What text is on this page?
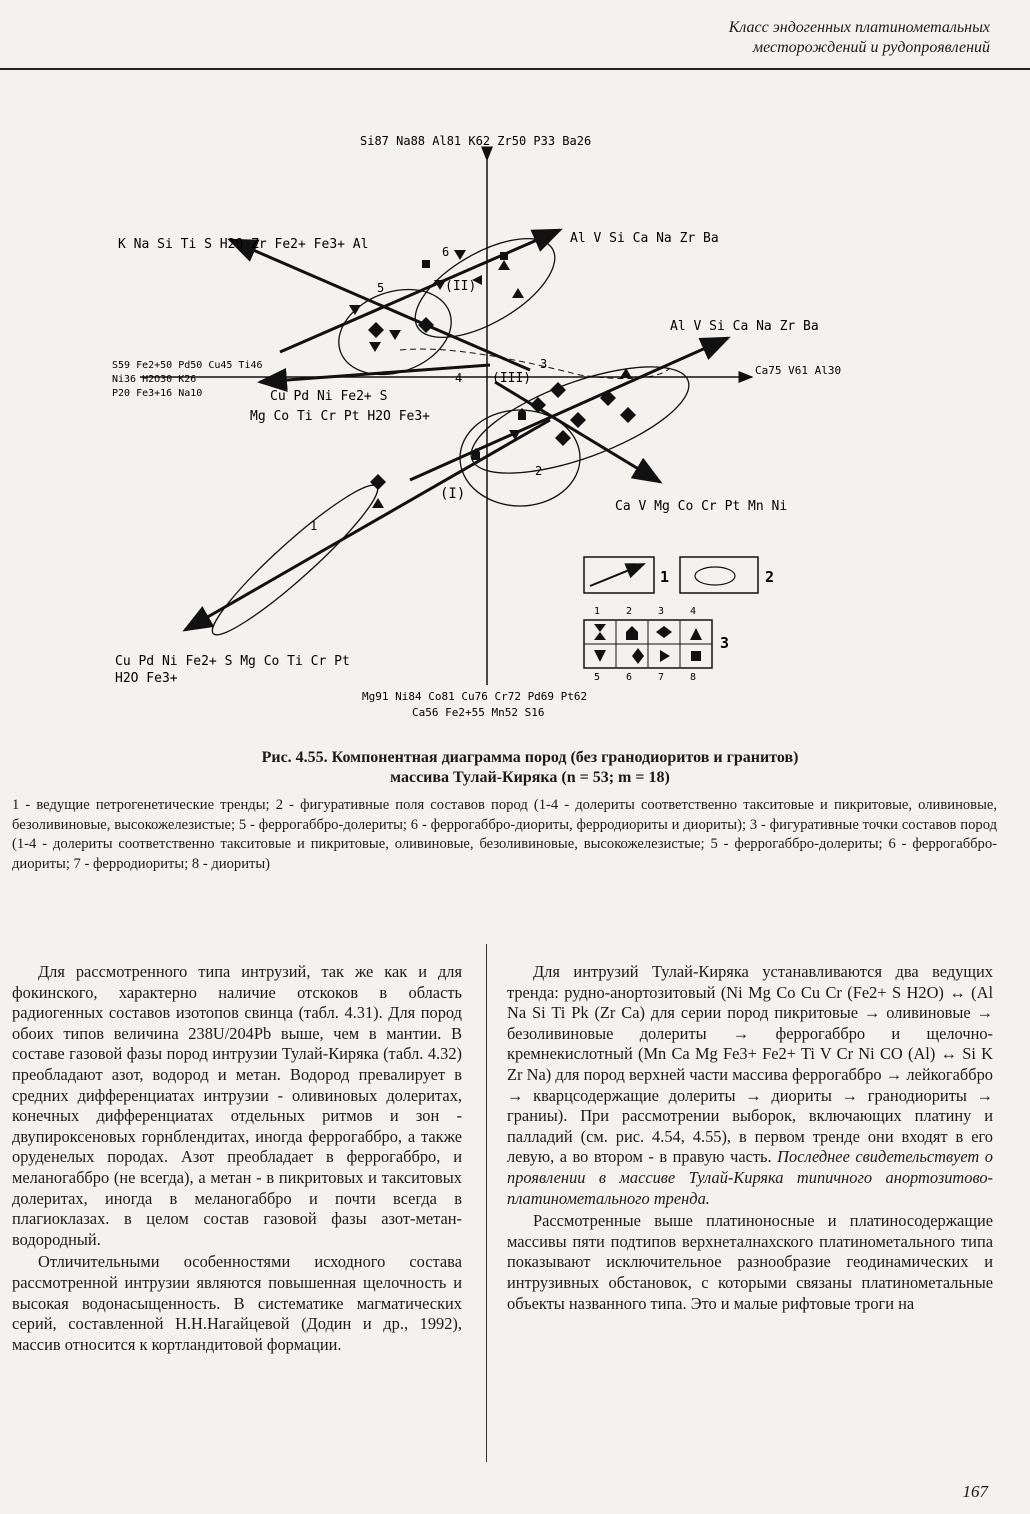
Класс эндогенных платинометальных
месторождений и рудопроявлений
(I)
(II)
(III)
1
2
3
4
5
6
Si87 Na88 Al81 K62 Zr50 P33 Ba26
Ca75 V61 Al30
Mg91 Ni84 Co81 Cu76 Cr72 Pd69 Pt62
Ca56 Fe2+55 Mn52 S16
S59 Fe2+50 Pd50 Cu45 Ti46
Ni36 H2O30 K26
P20 Fe3+16 Na10
K Na Si Ti S H2O Zr Fe2+ Fe3+ Al	Al V Si Ca Na Zr Ba
Al V Si Ca Na Zr Ba
Cu Pd Ni Fe2+ S
Mg Co Ti Cr Pt H2O Fe3+
Ca V Mg Co Cr Pt Mn Ni
Cu Pd Ni Fe2+ S Mg Co Ti Cr Pt
H2O Fe3+
1	2
3
1	2	3	4
5	6	7	8
Рис. 4.55. Компонентная диаграмма пород (без гранодиоритов и гранитов)
массива Тулай-Киряка (n = 53; m = 18)
1 - ведущие петрогенетические тренды; 2 - фигуративные поля составов пород (1-4 - долериты соответственно такситовые и пикритовые, оливиновые, безоливиновые, высокожелезистые; 5 - феррогаббро-долериты; 6 - феррогаббро-диориты, ферродиориты и диориты); 3 - фигуративные точки составов пород (1-4 - долериты соответственно такситовые и пикритовые, оливиновые, безоливиновые, высокожелезистые; 5 - феррогаббро-долериты; 6 - феррогаббро-диориты; 7 - ферродиориты; 8 - диориты)

Для рассмотренного типа интрузий, так же как и для фокинского, характерно наличие отскоков в область радиогенных составов изотопов свинца (табл. 4.31). Для пород обоих типов величина 238U/204Pb выше, чем в мантии. В составе газовой фазы пород интрузии Тулай-Киряка (табл. 4.32) преобладают азот, водород и метан. Водород превалирует в средних дифференциатах интрузии - оливиновых долеритах, конечных дифференциатах отдельных ритмов и зон - двупироксеновых горнблендитах, иногда феррогаббро, а также оруденелых породах. Азот преобладает в феррогаббро, и меланогаббро (не всегда), а метан - в пикритовых и такситовых долеритах, иногда в меланогаббро и почти всегда в плагиоклазах. в целом состав газовой фазы азот-метан-водородный.

Отличительными особенностями исходного состава рассмотренной интрузии являются повышенная щелочность и высокая водонасыщенность. В систематике магматических серий, составленной Н.Н.Нагайцевой (Додин и др., 1992), массив относится к кортландитовой формации.

Для интрузий Тулай-Киряка устанавливаются два ведущих тренда: рудно-анортозитовый (Ni Mg Co Cu Cr (Fe2+ S H2O) ↔ (Al Na Si Ti Pk (Zr Ca) для серии пород пикритовые → оливиновые → безоливиновые долериты → феррогаббро и щелочно-кремнекислотный (Mn Ca Mg Fe3+ Fe2+ Ti V Cr Ni CO (Al) ↔ Si K Zr Na) для пород верхней части массива феррогаббро → лейкогаббро → кварцсодержащие долериты → диориты → гранодиориты → граниы). При рассмотрении выборок, включающих платину и палладий (см. рис. 4.54, 4.55), в первом тренде они входят в его левую, а во втором - в правую часть. Последнее свидетельствует о проявлении в массиве Тулай-Киряка типичного анортозитово-платинометального тренда.

Рассмотренные выше платиноносные и платиносодержащие массивы пяти подтипов верхнеталнахского платинометального типа показывают исключительное разнообразие геодинамических и интрузивных обстановок, с которыми связаны платинометальные объекты названного типа. Это и малые рифтовые троги на

167
